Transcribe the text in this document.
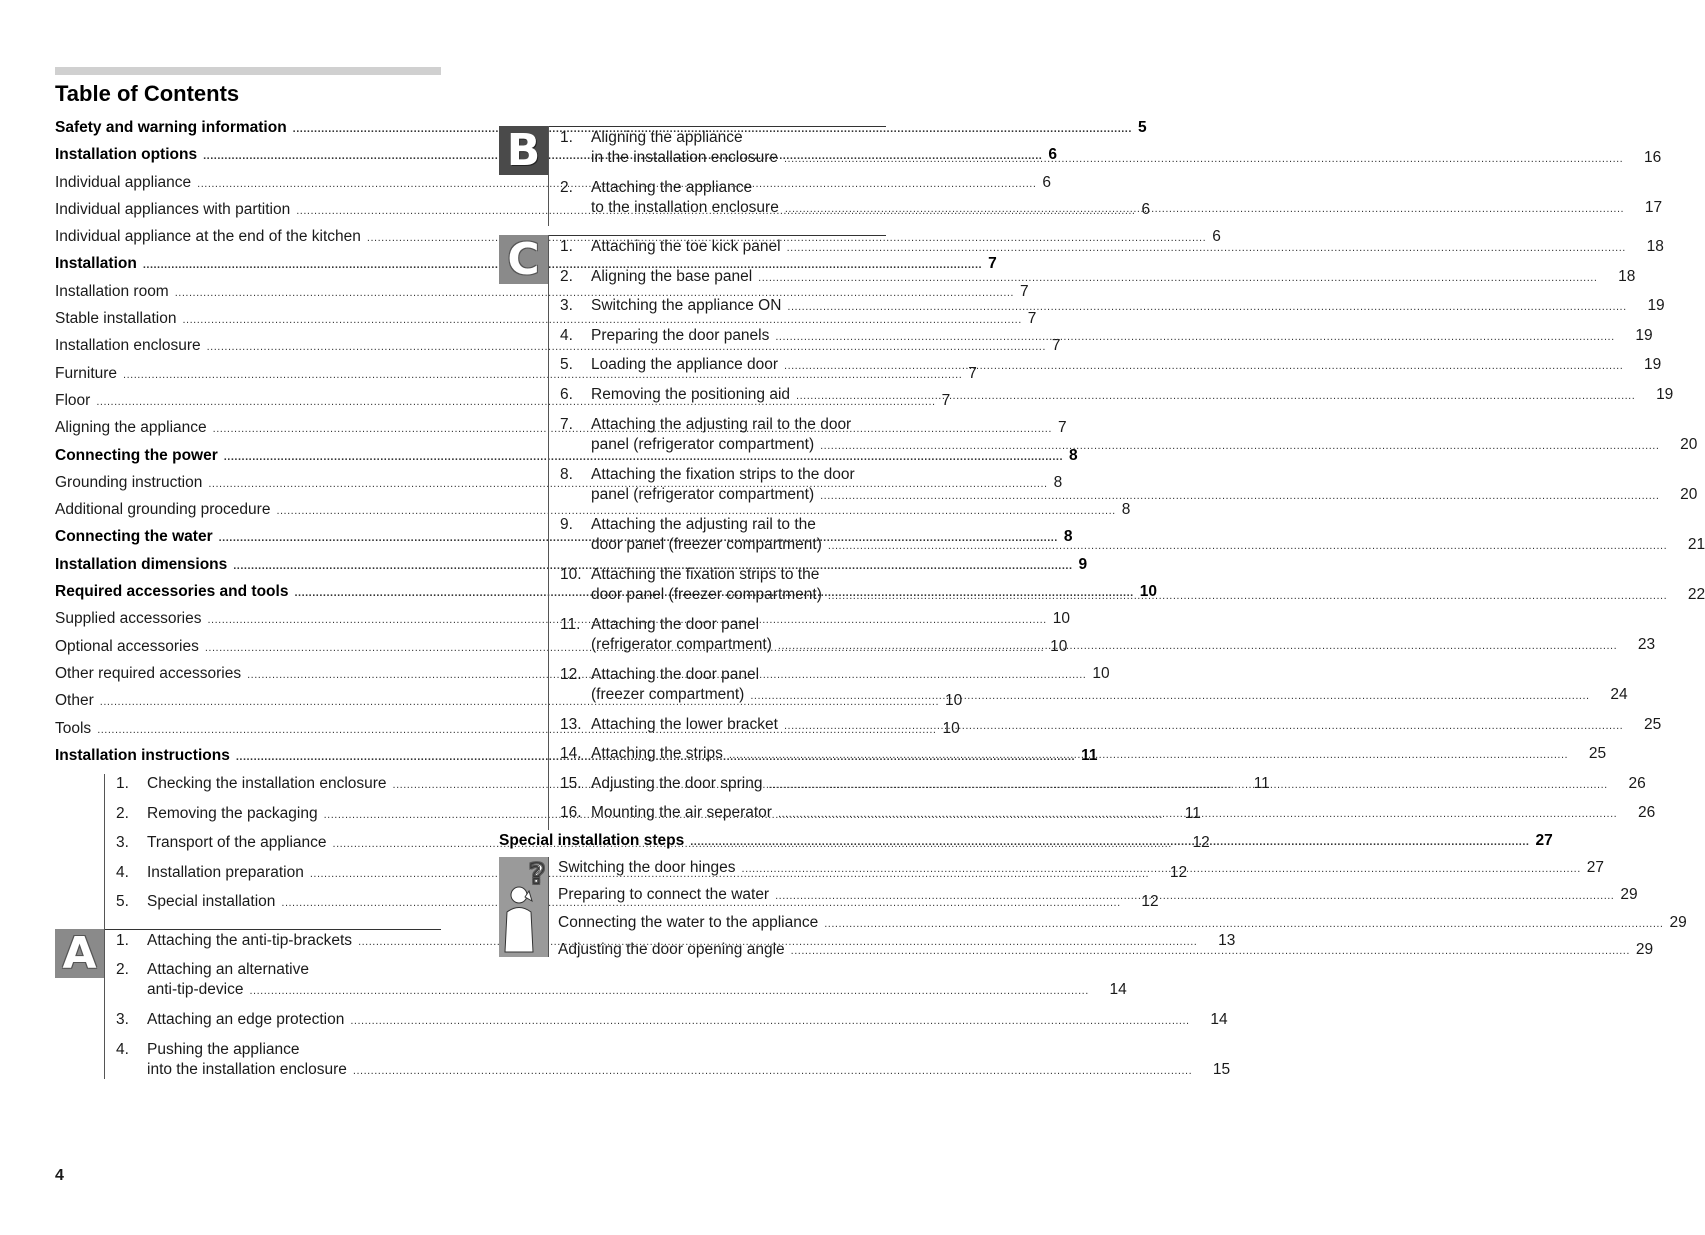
Table of Contents
Safety and warning information .....	5
Installation options .....	6
Individual appliance .....	6
Individual appliances with partition .....	6
Individual appliance at the end of the kitchen .....	6
Installation .....	7
Installation room .....	7
Stable installation .....	7
Installation enclosure .....	7
Furniture .....	7
Floor .....	7
Aligning the appliance .....	7
Connecting the power .....	8
Grounding instruction .....	8
Additional grounding procedure .....	8
Connecting the water .....	8
Installation dimensions .....	9
Required accessories and tools .....	10
Supplied accessories .....	10
Optional accessories .....	10
Other required accessories .....	10
Other .....	10
Tools .....	10
Installation instructions .....	11
1.	Checking the installation enclosure .....	11
2.	Removing the packaging .....	11
3.	Transport of the appliance .....	12
4.	Installation preparation .....	12
5.	Special installation .....	12
A	1.	Attaching the anti-tip-brackets .....	13
2.	Attaching an alternative
anti-tip-device .....	14
3.	Attaching an edge protection .....	14
4.	Pushing the appliance
into the installation enclosure .....	15
B	1.	Aligning the appliance
in the installation enclosure .....	16
2.	Attaching the appliance
to the installation enclosure .....	17
C	1.	Attaching the toe kick panel .....	18
2.	Aligning the base panel .....	18
3.	Switching the appliance ON .....	19
4.	Preparing the door panels .....	19
5.	Loading the appliance door .....	19
6.	Removing the positioning aid .....	19
7.	Attaching the adjusting rail to the door
panel (refrigerator compartment) .....	20
8.	Attaching the fixation strips to the door
panel (refrigerator compartment) .....	20
9.	Attaching the adjusting rail to the
door panel (freezer compartment) .....	21
10. Attaching the fixation strips to the
door panel (freezer compartment) .....	22
11. Attaching the door panel
(refrigerator compartment) .....	23
12. Attaching the door panel
(freezer compartment) .....	24
13. Attaching the lower bracket .....	25
14. Attaching the strips .....	25
15. Adjusting the door spring .....	26
16. Mounting the air seperator .....	26
Special installation steps .....	27
? Switching the door hinges .....	27
Preparing to connect the water .....	29
Connecting the water to the appliance .....	29
Adjusting the door opening angle .....	29
4
